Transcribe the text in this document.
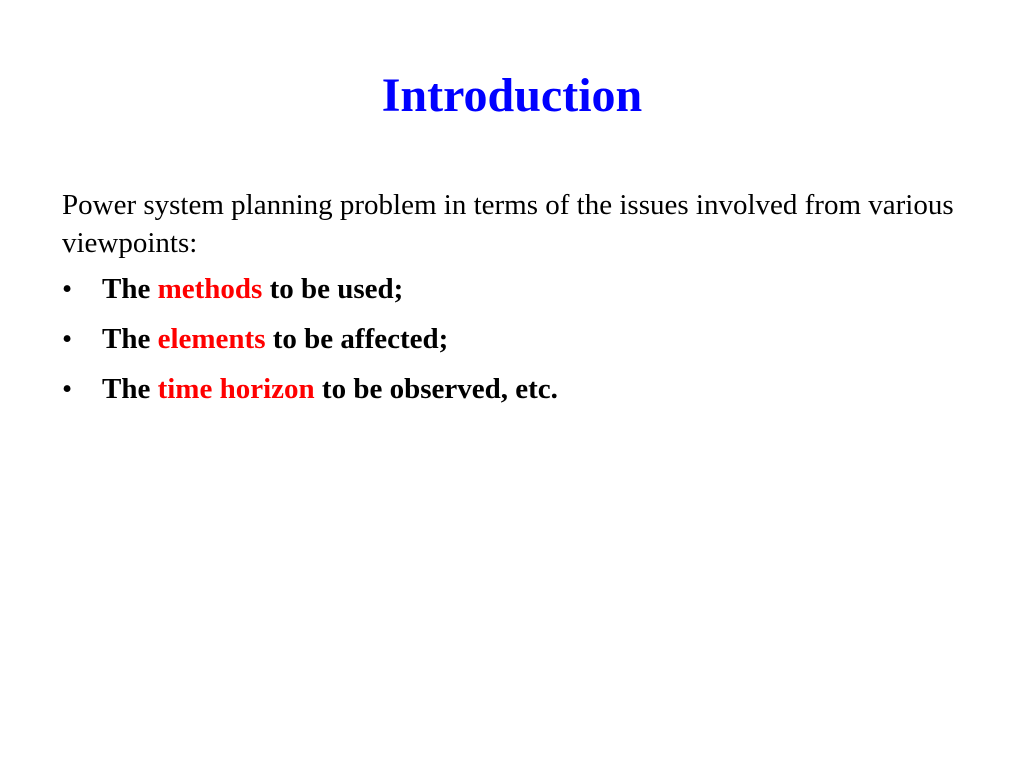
Introduction

Power system planning problem in terms of the issues involved from various viewpoints:

• The methods to be used;
• The elements to be affected;
• The time horizon to be observed, etc.
